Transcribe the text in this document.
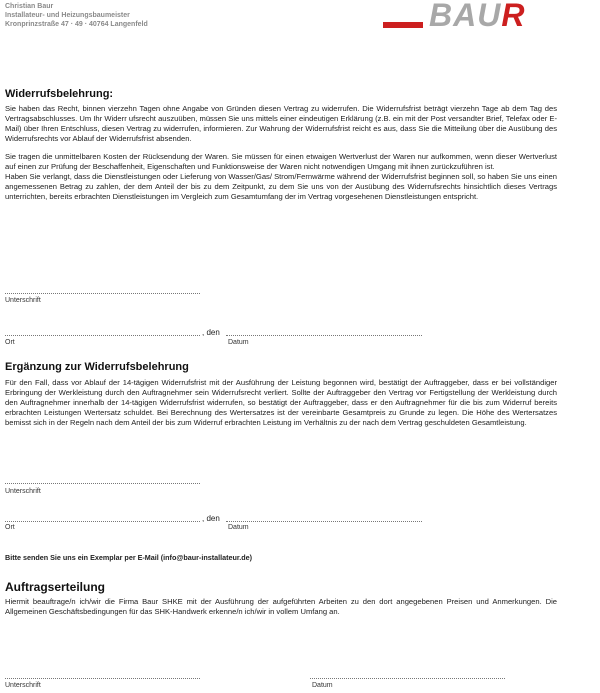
Christian Baur
Installateur- und Heizungsbaumeister
Kronprinzstraße 47 · 49 · 40764 Langenfeld	BAUR
Widerrufsbelehrung:

Sie haben das Recht, binnen vierzehn Tagen ohne Angabe von Gründen diesen Vertrag zu widerrufen. Die Widerrufsfrist beträgt vierzehn Tage ab dem Tag des Vertragsabschlusses. Um Ihr Widerr ufsrecht auszuüben, müssen Sie uns mittels einer eindeutigen Erklärung (z.B. ein mit der Post versandter Brief, Telefax oder E-Mail) über Ihren Entschluss, diesen Vertrag zu widerrufen, informieren. Zur Wahrung der Widerrufsfrist reicht es aus, dass Sie die Mitteilung über die Ausübung des Widerrufsrechts vor Ablauf der Widerrufsfrist absenden.

Sie tragen die unmittelbaren Kosten der Rücksendung der Waren. Sie müssen für einen etwaigen Wertverlust der Waren nur aufkommen, wenn dieser Wertverlust auf einen zur Prüfung der Beschaffenheit, Eigenschaften und Funktionsweise der Waren nicht notwendigen Umgang mit ihnen zurückzuführen ist.

Haben Sie verlangt, dass die Dienstleistungen oder Lieferung von Wasser/Gas/ Strom/Fernwärme während der Widerrufsfrist beginnen soll, so haben Sie uns einen angemessenen Betrag zu zahlen, der dem Anteil der bis zu dem Zeitpunkt, zu dem Sie uns von der Ausübung des Widerrufsrechts hinsichtlich dieses Vertrags unterrichten, bereits erbrachten Dienstleistungen im Vergleich zum Gesamtumfang der im Vertrag vorgesehenen Dienstleistungen entspricht.

Unterschrift
, den
Ort	Datum
Ergänzung zur Widerrufsbelehrung

Für den Fall, dass vor Ablauf der 14-tägigen Widerrufsfrist mit der Ausführung der Leistung begonnen wird, bestätigt der Auftraggeber, dass er bei vollständiger Erbringung der Werkleistung durch den Auftragnehmer sein Widerrufsrecht verliert. Sollte der Auftraggeber den Vertrag vor Fertigstellung der Werkleistung durch den Auftragnehmer innerhalb der 14-tägigen Widerrufsfrist widerrufen, so bestätigt der Auftraggeber, dass er den Auftragnehmer für die bis zum Widerruf bereits erbrachten Leistungen Wertersatz schuldet. Bei Berechnung des Wertersatzes ist der vereinbarte Gesamtpreis zu Grunde zu legen. Die Höhe des Wertersatzes bemisst sich in der Regeln nach dem Anteil der bis zum Widerruf erbrachten Leistung im Verhältnis zu der nach dem Vertrag geschuldeten Gesamtleistung.

Unterschrift
, den
Ort	Datum
Bitte senden Sie uns ein Exemplar per E-Mail (info@baur-installateur.de)
Auftragserteilung

Hiermit beauftrage/n ich/wir die Firma Baur SHKE mit der Ausführung der aufgeführten Arbeiten zu den dort angegebenen Preisen und Anmerkungen. Die Allgemeinen Geschäftsbedingungen für das SHK-Handwerk erkenne/n ich/wir in vollem Umfang an.

Unterschrift	Datum
